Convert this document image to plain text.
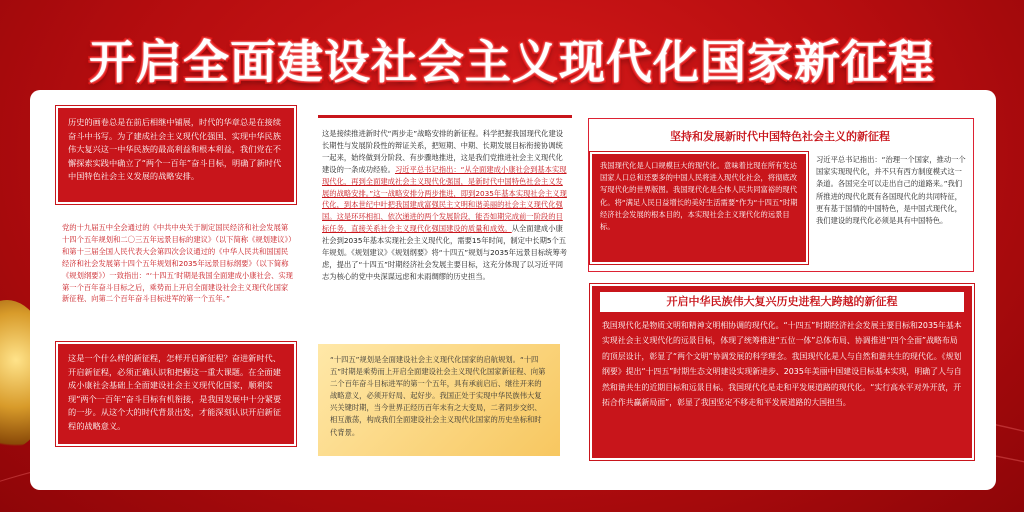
开启全面建设社会主义现代化国家新征程
历史的画卷总是在前后相继中铺展，时代的华章总是在接续奋斗中书写。为了建成社会主义现代化强国、实现中华民族伟大复兴这一中华民族的最高利益和根本利益，我们党在不懈探索实践中确立了“两个一百年”奋斗目标，明确了新时代中国特色社会主义发展的战略安排。
党的十九届五中全会通过的《中共中央关于制定国民经济和社会发展第十四个五年规划和二〇三五年远景目标的建议》（以下简称《规划建议》）和第十三届全国人民代表大会第四次会议通过的《中华人民共和国国民经济和社会发展第十四个五年规划和2035年远景目标纲要》（以下简称《规划纲要》）一致指出：“‘十四五’时期是我国全面建成小康社会、实现第一个百年奋斗目标之后，乘势而上开启全面建设社会主义现代化国家新征程、向第二个百年奋斗目标进军的第一个五年。”
这是一个什么样的新征程，怎样开启新征程？奋进新时代、开启新征程，必须正确认识和把握这一重大课题。在全面建成小康社会基础上全面建设社会主义现代化国家，顺利实现“两个一百年”奋斗目标有机衔接，是我国发展中十分紧要的一步。从这个大的时代背景出发，才能深刻认识开启新征程的战略意义。
这是接续推进新时代“两步走”战略安排的新征程。科学把握我国现代化建设长期性与发展阶段性的辩证关系，把短期、中期、长期发展目标衔接协调统一起来，始终做到分阶段、有步骤地推进，这是我们党推进社会主义现代化建设的一条成功经验。习近平总书记指出：“从全面建成小康社会到基本实现现代化，再到全面建成社会主义现代化强国，是新时代中国特色社会主义发展的战略安排。”这一战略安排分两步推进，即到2035年基本实现社会主义现代化，到本世纪中叶把我国建成富强民主文明和谐美丽的社会主义现代化强国。这是环环相扣、依次递进的两个发展阶段，能否如期完成前一阶段的目标任务，直接关系社会主义现代化强国建设的质量和成效。从全面建成小康社会到2035年基本实现社会主义现代化，需要15年时间，制定中长期5个五年规划。《规划建议》《规划纲要》将“十四五”规划与2035年远景目标统筹考虑，提出了“十四五”时期经济社会发展主要目标，这充分体现了以习近平同志为核心的党中央深谋远虑和未雨绸缪的历史担当。
“十四五”规划是全面建设社会主义现代化国家的启航规划。“十四五”时期是乘势而上开启全面建设社会主义现代化国家新征程、向第二个百年奋斗目标进军的第一个五年，具有承前启后、继往开来的战略意义，必须开好局、起好步。我国正处于实现中华民族伟大复兴关键时期，当今世界正经历百年未有之大变局，二者同步交织、相互激荡，构成我们全面建设社会主义现代化国家的历史坐标和时代背景。
坚持和发展新时代中国特色社会主义的新征程
我国现代化是人口规模巨大的现代化。意味着比现在所有发达国家人口总和还要多的中国人民将进入现代化社会，将彻底改写现代化的世界版图。我国现代化是全体人民共同富裕的现代化。将“满足人民日益增长的美好生活需要”作为“十四五”时期经济社会发展的根本目的，本实现社会主义现代化的远景目标。
习近平总书记指出：“治理一个国家，推动一个国家实现现代化，并不只有西方制度模式这一条道。各国完全可以走出自己的道路来。”我们所推进的现代化既有各国现代化的共同特征，更有基于国情的中国特色，是中国式现代化，我们建设的现代化必须是具有中国特色。
开启中华民族伟大复兴历史进程大跨越的新征程
我国现代化是物质文明和精神文明相协调的现代化。“十四五”时期经济社会发展主要目标和2035年基本实现社会主义现代化的远景目标，体现了统筹推进“五位一体”总体布局、协调推进“四个全面”战略布局的顶层设计，彰显了“两个文明”协调发展的科学理念。我国现代化是人与自然和谐共生的现代化。《规划纲要》提出“十四五”时期生态文明建设实现新进步、2035年美丽中国建设目标基本实现，明确了人与自然和谐共生的近期目标和远景目标。我国现代化是走和平发展道路的现代化。“实行高水平对外开放，开拓合作共赢新局面”，彰显了我国坚定不移走和平发展道路的大国担当。
